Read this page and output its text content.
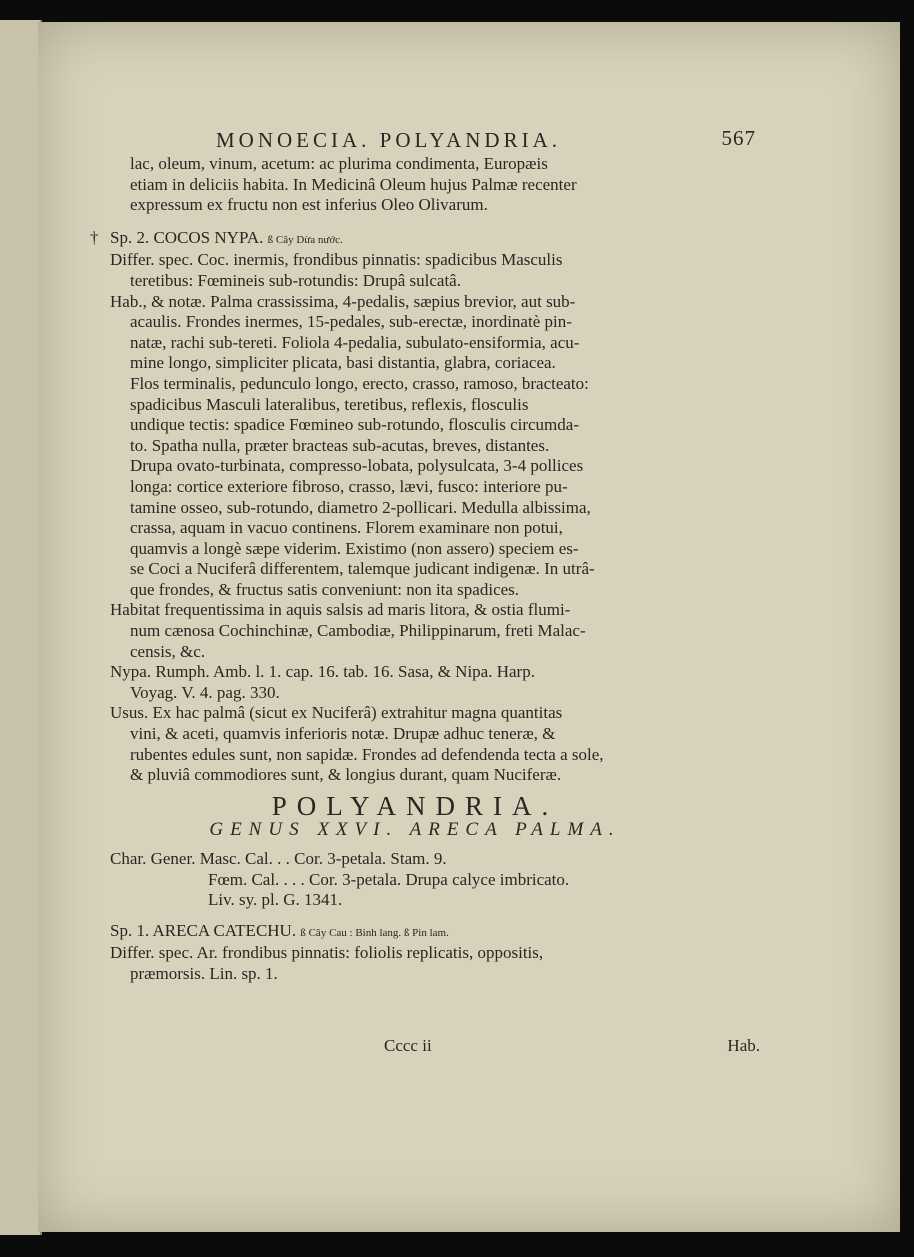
MONOECIA. POLYANDRIA.	567
lac, oleum, vinum, acetum: ac plurima condimenta, Europæis
etiam in deliciis habita. In Medicinâ Oleum hujus Palmæ recenter
expressum ex fructu non est inferius Oleo Olivarum.
† Sp. 2. COCOS NYPA. ß Cây Dừa nước.
Differ. spec. Coc. inermis, frondibus pinnatis: spadicibus Masculis
teretibus: Fœmineis sub-rotundis: Drupâ sulcatâ.
Hab., & notæ. Palma crassissima, 4-pedalis, sæpius brevior, aut sub-
acaulis. Frondes inermes, 15-pedales, sub-erectæ, inordinatè pin-
natæ, rachi sub-tereti. Foliola 4-pedalia, subulato-ensiformia, acu-
mine longo, simpliciter plicata, basi distantia, glabra, coriacea.
Flos terminalis, pedunculo longo, erecto, crasso, ramoso, bracteato:
spadicibus Masculi lateralibus, teretibus, reflexis, flosculis
undique tectis: spadice Fœmineo sub-rotundo, flosculis circumda-
to. Spatha nulla, præter bracteas sub-acutas, breves, distantes.
Drupa ovato-turbinata, compresso-lobata, polysulcata, 3-4 pollices
longa: cortice exteriore fibroso, crasso, lævi, fusco: interiore pu-
tamine osseo, sub-rotundo, diametro 2-pollicari. Medulla albissima,
crassa, aquam in vacuo continens. Florem examinare non potui,
quamvis a longè sæpe viderim. Existimo (non assero) speciem es-
se Coci a Nuciferâ differentem, talemque judicant indigenæ. In utrâ-
que frondes, & fructus satis conveniunt: non ita spadices.
Habitat frequentissima in aquis salsis ad maris litora, & ostia flumi-
num cænosa Cochinchinæ, Cambodiæ, Philippinarum, freti Malac-
censis, &c.
Nypa. Rumph. Amb. l. 1. cap. 16. tab. 16. Sasa, & Nipa. Harp.
Voyag. V. 4. pag. 330.
Usus. Ex hac palmâ (sicut ex Nuciferâ) extrahitur magna quantitas
vini, & aceti, quamvis inferioris notæ. Drupæ adhuc teneræ, &
rubentes edules sunt, non sapidæ. Frondes ad defendenda tecta a sole,
& pluviâ commodiores sunt, & longius durant, quam Nuciferæ.
POLYANDRIA.
GENUS XXVI. ARECA PALMA.
Char. Gener. Masc. Cal. . . Cor. 3-petala. Stam. 9.
Fœm. Cal. . . . Cor. 3-petala. Drupa calyce imbricato.
Liv. sy. pl. G. 1341.
Sp. 1. ARECA CATECHU. ß Cây Cau : Binh lang. ß Pin lam.
Differ. spec. Ar. frondibus pinnatis: foliolis replicatis, oppositis,
præmorsis. Lin. sp. 1.
Cccc ii	Hab.
